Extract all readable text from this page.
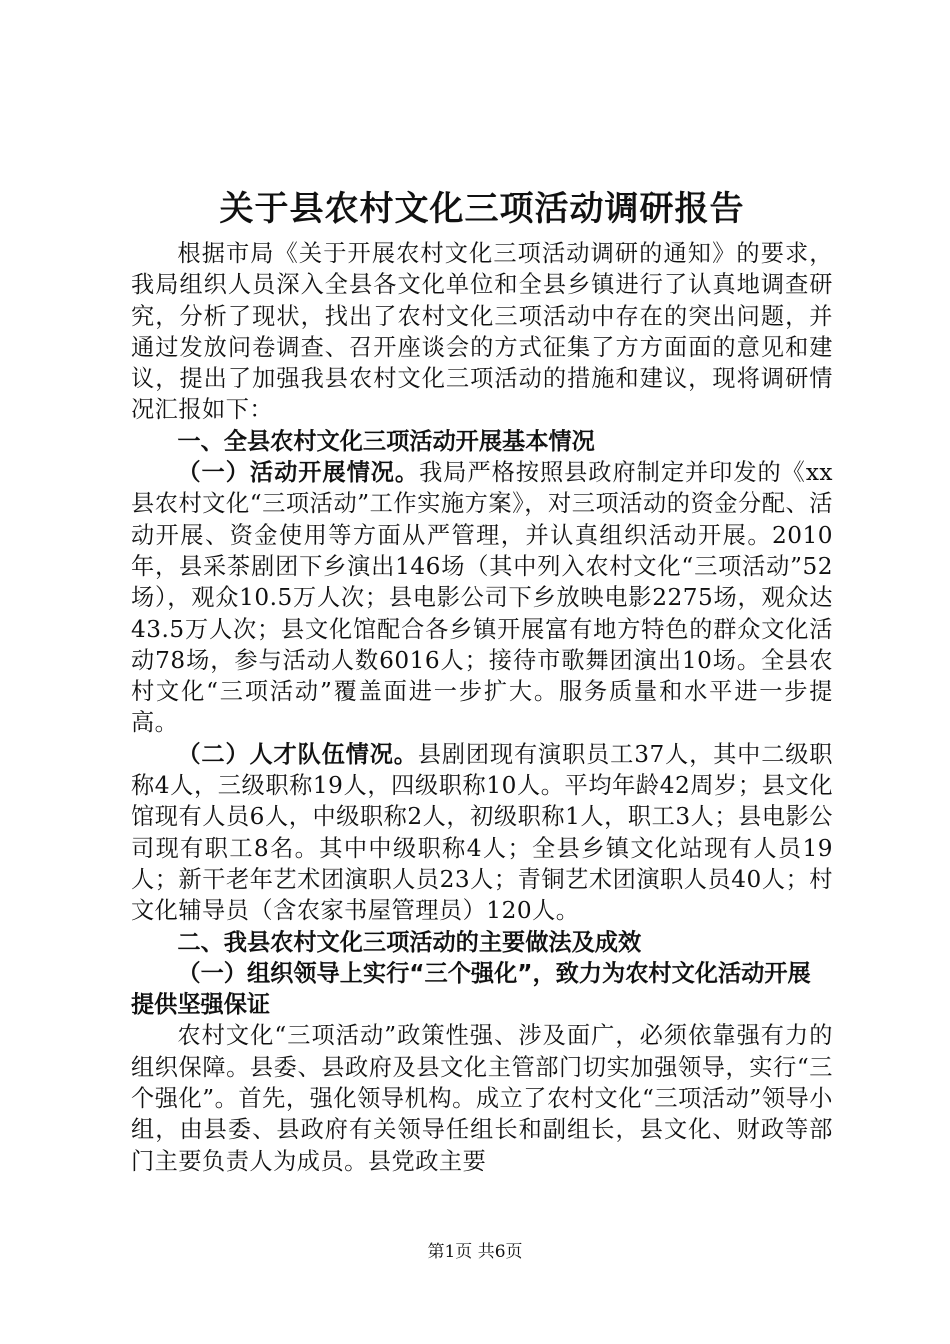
关于县农村文化三项活动调研报告

根据市局《关于开展农村文化三项活动调研的通知》的要求，我局组织人员深入全县各文化单位和全县乡镇进行了认真地调查研究，分析了现状，找出了农村文化三项活动中存在的突出问题，并通过发放问卷调查、召开座谈会的方式征集了方方面面的意见和建议，提出了加强我县农村文化三项活动的措施和建议，现将调研情况汇报如下：

一、全县农村文化三项活动开展基本情况

（一）活动开展情况。我局严格按照县政府制定并印发的《xx县农村文化“三项活动”工作实施方案》，对三项活动的资金分配、活动开展、资金使用等方面从严管理，并认真组织活动开展。2010年，县采茶剧团下乡演出146场（其中列入农村文化“三项活动”52场），观众10.5万人次；县电影公司下乡放映电影2275场，观众达43.5万人次；县文化馆配合各乡镇开展富有地方特色的群众文化活动78场，参与活动人数6016人；接待市歌舞团演出10场。全县农村文化“三项活动”覆盖面进一步扩大。服务质量和水平进一步提高。

（二）人才队伍情况。县剧团现有演职员工37人，其中二级职称4人，三级职称19人，四级职称10人。平均年龄42周岁；县文化馆现有人员6人，中级职称2人，初级职称1人，职工3人；县电影公司现有职工8名。其中中级职称4人；全县乡镇文化站现有人员19人；新干老年艺术团演职人员23人；青铜艺术团演职人员40人；村文化辅导员（含农家书屋管理员）120人。

二、我县农村文化三项活动的主要做法及成效

（一）组织领导上实行“三个强化”，致力为农村文化活动开展提供坚强保证

农村文化“三项活动”政策性强、涉及面广，必须依靠强有力的组织保障。县委、县政府及县文化主管部门切实加强领导，实行“三个强化”。首先，强化领导机构。成立了农村文化“三项活动”领导小组，由县委、县政府有关领导任组长和副组长，县文化、财政等部门主要负责人为成员。县党政主要

第1页 共6页
